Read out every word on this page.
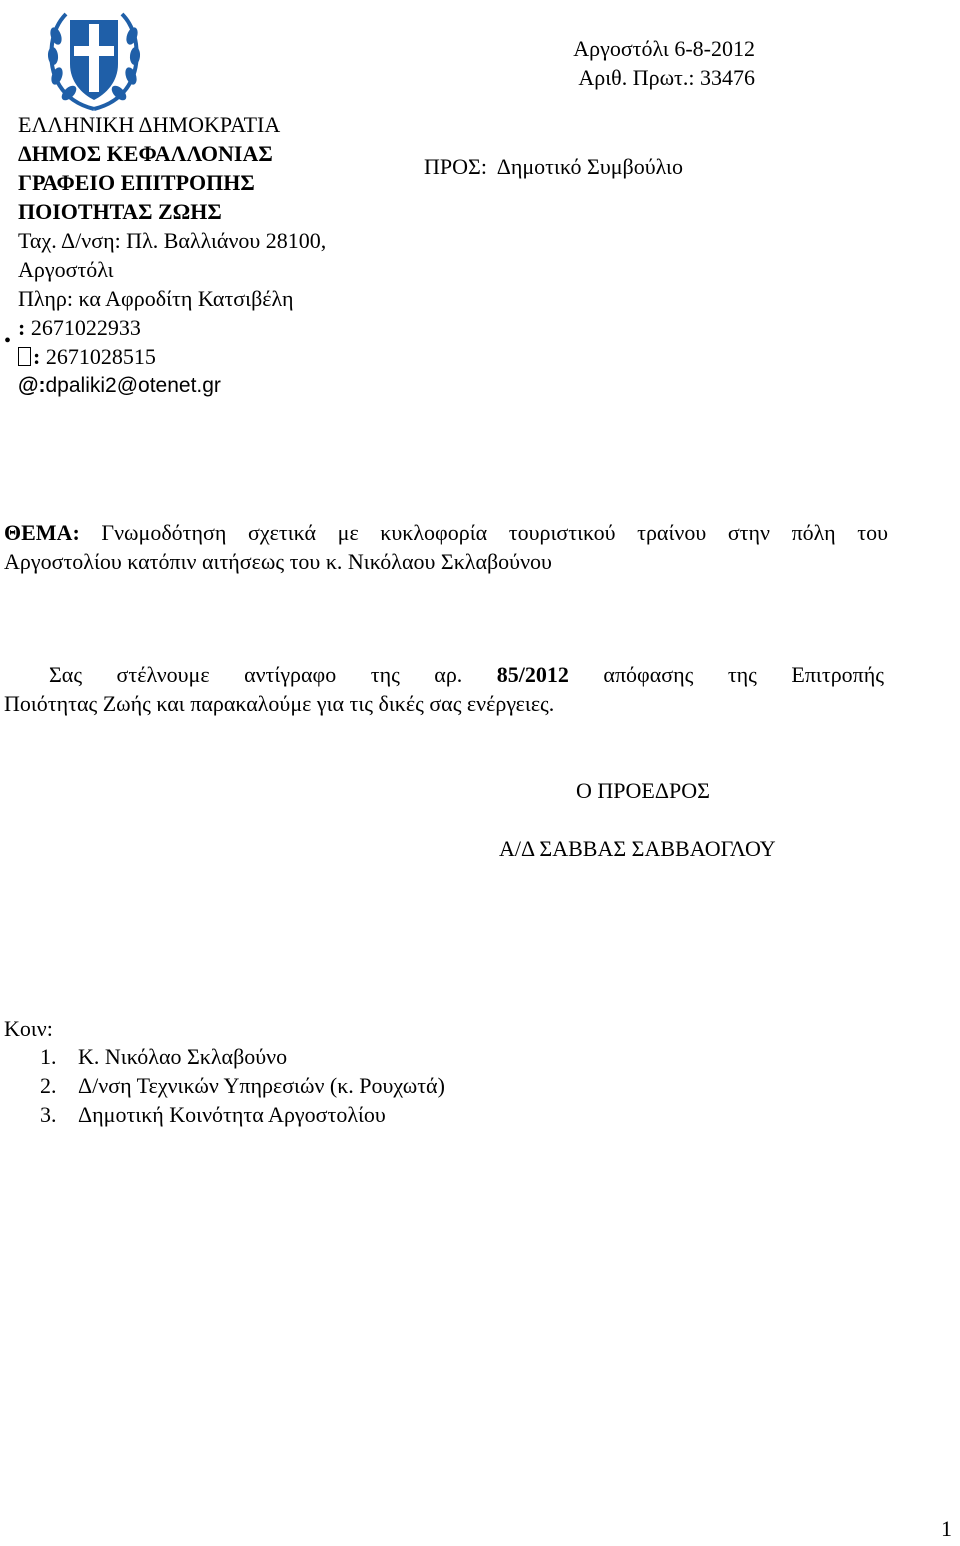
ΕΛΛΗΝΙΚΗ ΔΗΜΟΚΡΑΤΙΑ
ΔΗΜΟΣ ΚΕΦΑΛΛΟΝΙΑΣ
ΓΡΑΦΕΙΟ ΕΠΙΤΡΟΠΗΣ
ΠΟΙΟΤΗΤΑΣ ΖΩΗΣ
Ταχ. Δ/νση: Πλ. Βαλλιάνου 28100,
Αργοστόλι
Πληρ: κα Αφροδίτη Κατσιβέλη
: 2671022933
: 2671028515
@:dpaliki2@otenet.gr
•
Αργοστόλι 6-8-2012
Αριθ. Πρωτ.: 33476
ΠΡΟΣ: Δημοτικό Συμβούλιο
ΘΕΜΑ: Γνωμοδότηση σχετικά με κυκλοφορία τουριστικού τραίνου στην πόλη του
Αργοστολίου κατόπιν αιτήσεως του κ. Νικόλαου Σκλαβούνου
Σας στέλνουμε αντίγραφο της αρ. 85/2012 απόφασης της Επιτροπής
Ποιότητας Ζωής και παρακαλούμε για τις δικές σας ενέργειες.
Ο ΠΡΟΕΔΡΟΣ
Α/Δ ΣΑΒΒΑΣ ΣΑΒΒΑΟΓΛΟΥ
Κοιν:
1. Κ. Νικόλαο Σκλαβούνο
2. Δ/νση Τεχνικών Υπηρεσιών (κ. Ρουχωτά)
3. Δημοτική Κοινότητα Αργοστολίου
1
